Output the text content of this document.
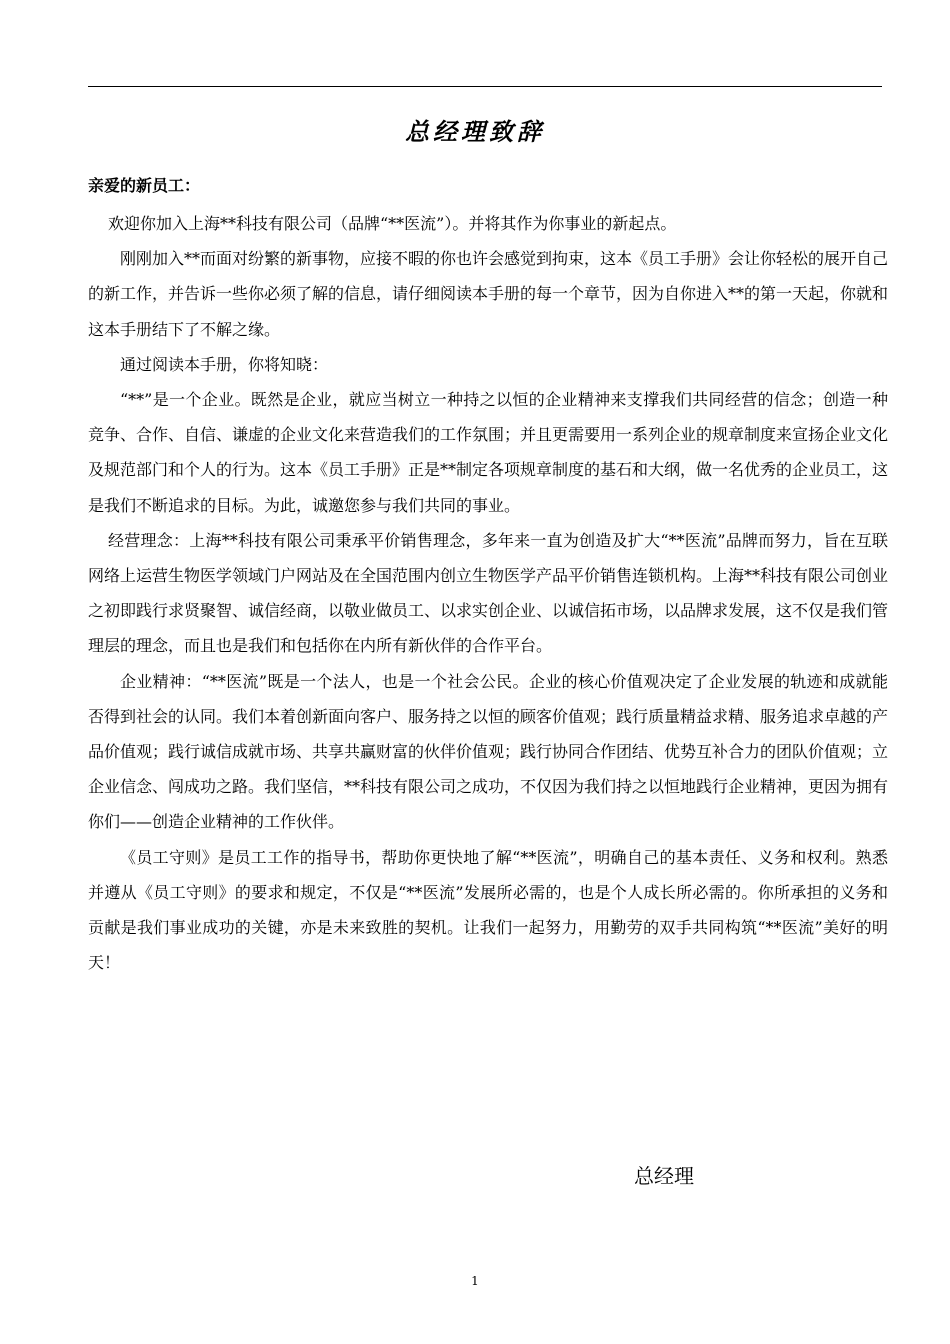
总经理致辞
亲爱的新员工：

欢迎你加入上海**科技有限公司（品牌“**医流”）。并将其作为你事业的新起点。

刚刚加入**而面对纷繁的新事物，应接不暇的你也许会感觉到拘束，这本《员工手册》会让你轻松的展开自己的新工作，并告诉一些你必须了解的信息，请仔细阅读本手册的每一个章节，因为自你进入**的第一天起，你就和这本手册结下了不解之缘。

通过阅读本手册，你将知晓：

“**”是一个企业。既然是企业，就应当树立一种持之以恒的企业精神来支撑我们共同经营的信念；创造一种竞争、合作、自信、谦虚的企业文化来营造我们的工作氛围；并且更需要用一系列企业的规章制度来宣扬企业文化及规范部门和个人的行为。这本《员工手册》正是**制定各项规章制度的基石和大纲，做一名优秀的企业员工，这是我们不断追求的目标。为此，诚邀您参与我们共同的事业。

经营理念：上海**科技有限公司秉承平价销售理念，多年来一直为创造及扩大“**医流”品牌而努力，旨在互联网络上运营生物医学领域门户网站及在全国范围内创立生物医学产品平价销售连锁机构。上海**科技有限公司创业之初即践行求贤聚智、诚信经商，以敬业做员工、以求实创企业、以诚信拓市场，以品牌求发展，这不仅是我们管理层的理念，而且也是我们和包括你在内所有新伙伴的合作平台。

企业精神：“**医流”既是一个法人，也是一个社会公民。企业的核心价值观决定了企业发展的轨迹和成就能否得到社会的认同。我们本着创新面向客户、服务持之以恒的顾客价值观；践行质量精益求精、服务追求卓越的产品价值观；践行诚信成就市场、共享共赢财富的伙伴价值观；践行协同合作团结、优势互补合力的团队价值观；立企业信念、闯成功之路。我们坚信，**科技有限公司之成功，不仅因为我们持之以恒地践行企业精神，更因为拥有你们——创造企业精神的工作伙伴。

《员工守则》是员工工作的指导书，帮助你更快地了解“**医流”，明确自己的基本责任、义务和权利。熟悉并遵从《员工守则》的要求和规定，不仅是“**医流”发展所必需的，也是个人成长所必需的。你所承担的义务和贡献是我们事业成功的关键，亦是未来致胜的契机。让我们一起努力，用勤劳的双手共同构筑“**医流”美好的明天！

总经理
1
